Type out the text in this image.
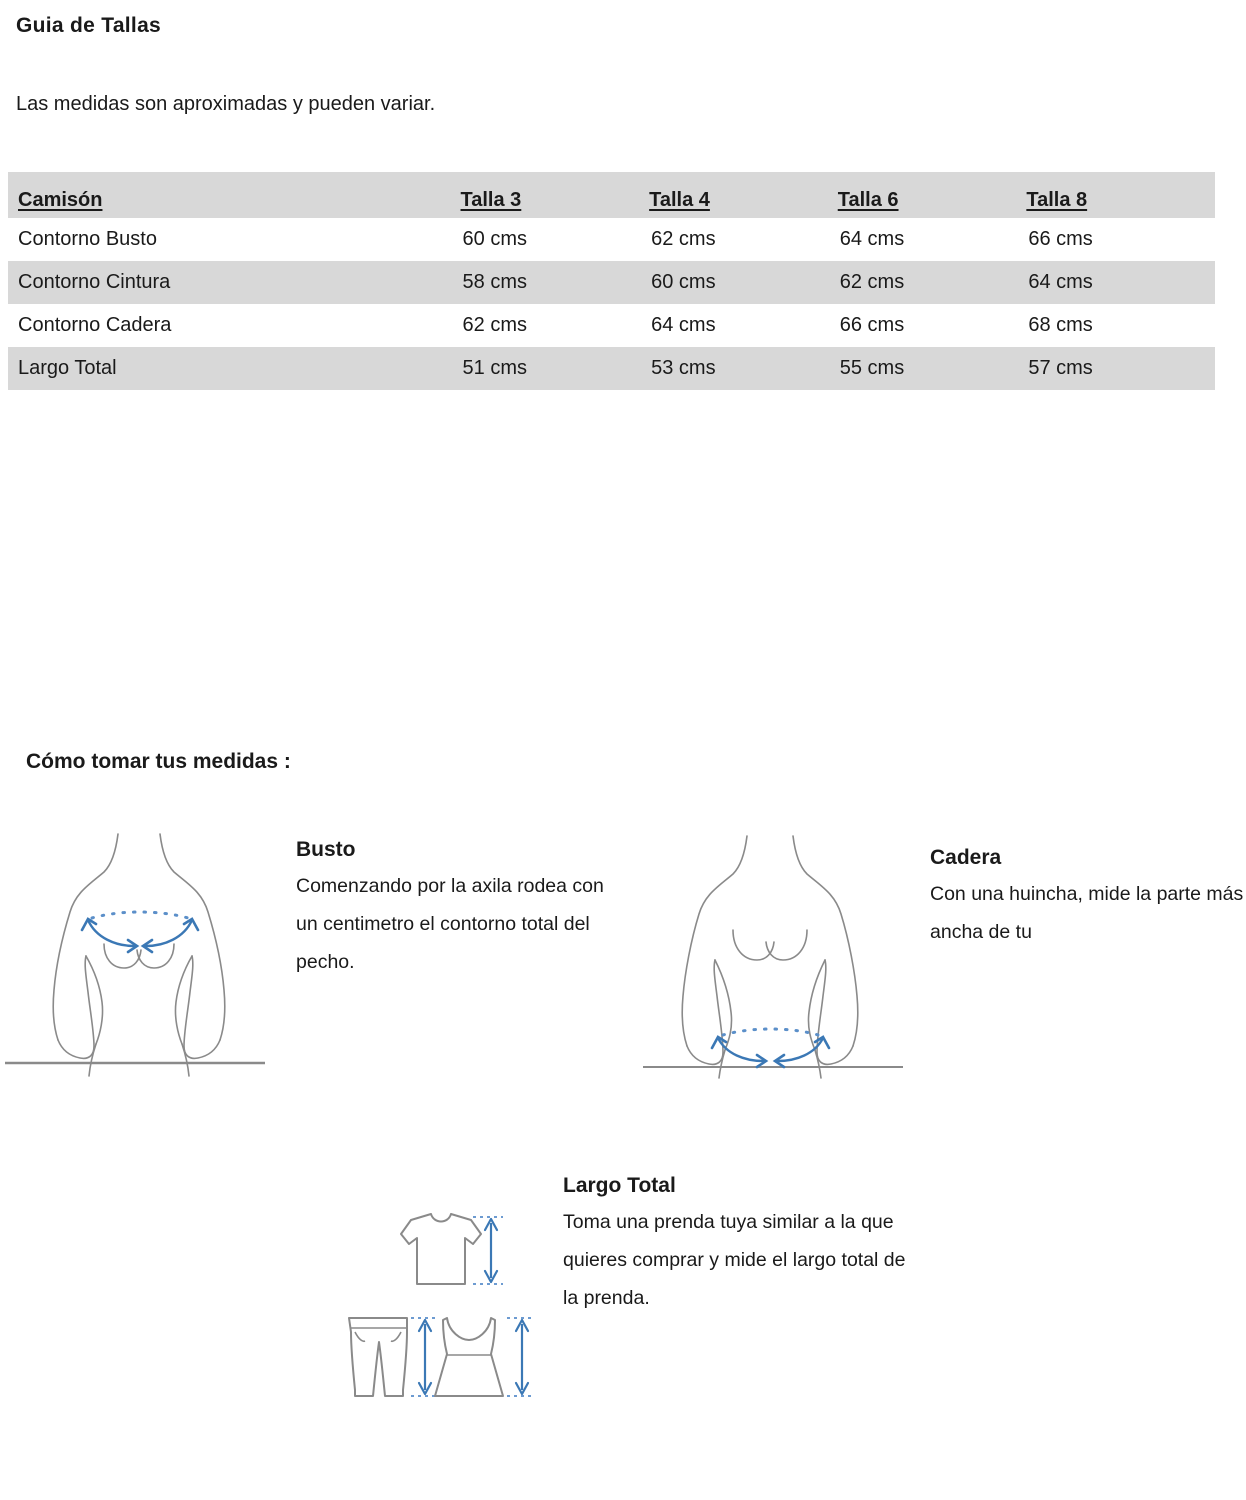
Guia de Tallas
Las medidas son aproximadas y pueden variar.
Camisón	Talla 3	Talla 4	Talla 6	Talla 8
Contorno Busto	60 cms	62 cms	64 cms	66 cms
Contorno Cintura	58 cms	60 cms	62 cms	64 cms
Contorno Cadera	62 cms	64 cms	66 cms	68 cms
Largo Total	51 cms	53 cms	55 cms	57 cms
Cómo tomar tus medidas :
Busto
Comenzando por la axila rodea con un centimetro el contorno total del pecho.
Cadera
Con una huincha, mide la parte más ancha de tu
Largo Total
Toma una prenda tuya similar a la que quieres comprar y mide el largo total de la prenda.
